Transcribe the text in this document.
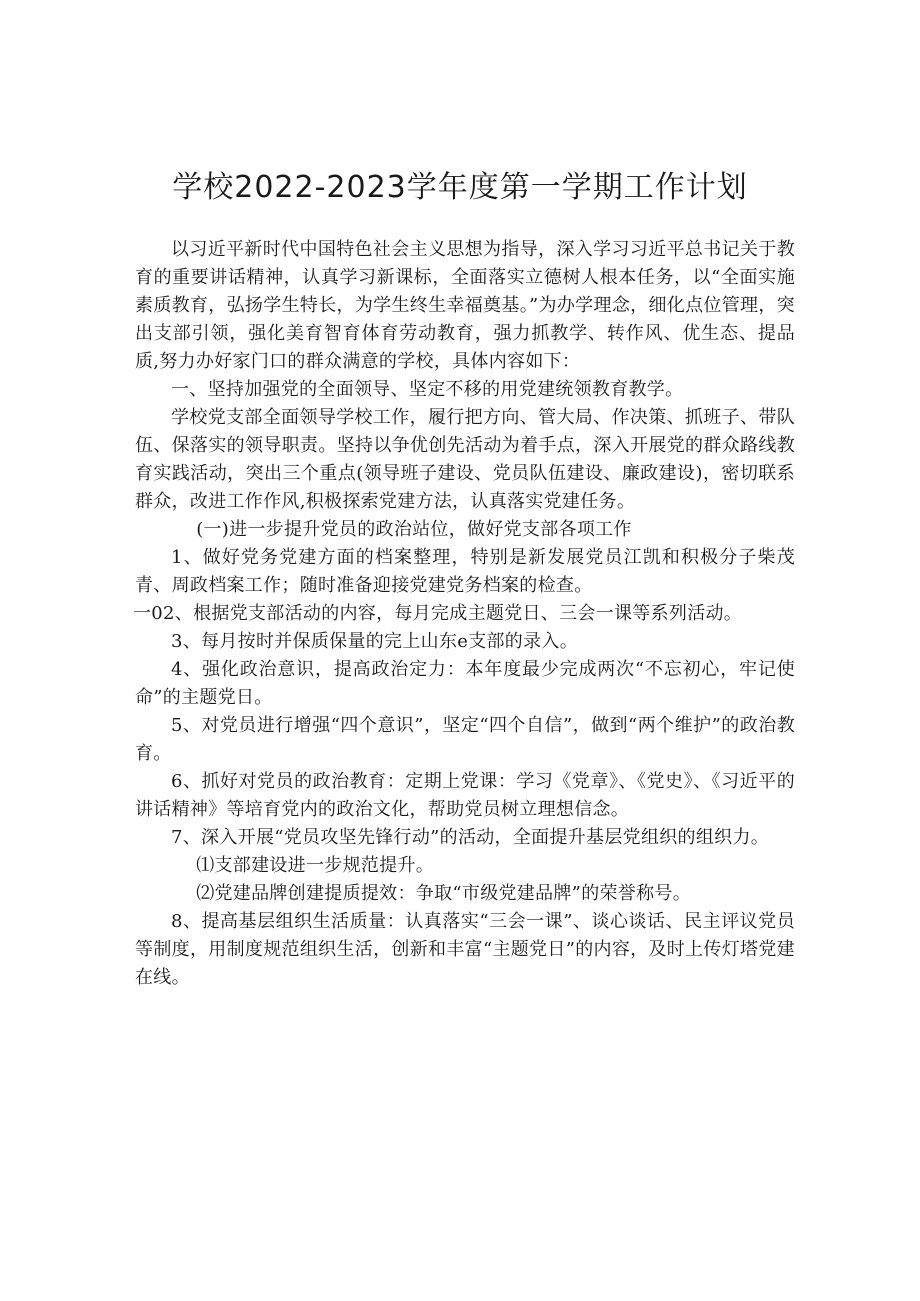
学校2022-2023学年度第一学期工作计划

以习近平新时代中国特色社会主义思想为指导，深入学习习近平总书记关于教育的重要讲话精神，认真学习新课标，全面落实立德树人根本任务，以“全面实施素质教育，弘扬学生特长，为学生终生幸福奠基。”为办学理念，细化点位管理，突出支部引领，强化美育智育体育劳动教育，强力抓教学、转作风、优生态、提品质,努力办好家门口的群众满意的学校，具体内容如下：

一、坚持加强党的全面领导、坚定不移的用党建统领教育教学。

学校党支部全面领导学校工作，履行把方向、管大局、作决策、抓班子、带队伍、保落实的领导职责。坚持以争优创先活动为着手点，深入开展党的群众路线教育实践活动，突出三个重点(领导班子建设、党员队伍建设、廉政建设)，密切联系群众，改进工作作风,积极探索党建方法，认真落实党建任务。

(一)进一步提升党员的政治站位，做好党支部各项工作

1、做好党务党建方面的档案整理，特别是新发展党员江凯和积极分子柴茂青、周政档案工作；随时准备迎接党建党务档案的检查。

一02、根据党支部活动的内容，每月完成主题党日、三会一课等系列活动。

3、每月按时并保质保量的完上山东e支部的录入。

4、强化政治意识，提高政治定力：本年度最少完成两次“不忘初心，牢记使命”的主题党日。

5、对党员进行增强“四个意识”，坚定“四个自信”，做到“两个维护”的政治教育。

6、抓好对党员的政治教育：定期上党课：学习《党章》、《党史》、《习近平的讲话精神》等培育党内的政治文化，帮助党员树立理想信念。

7、深入开展“党员攻坚先锋行动”的活动，全面提升基层党组织的组织力。

⑴支部建设进一步规范提升。

⑵党建品牌创建提质提效：争取“市级党建品牌”的荣誉称号。

8、提高基层组织生活质量：认真落实“三会一课”、谈心谈话、民主评议党员等制度，用制度规范组织生活，创新和丰富“主题党日”的内容，及时上传灯塔党建在线。
